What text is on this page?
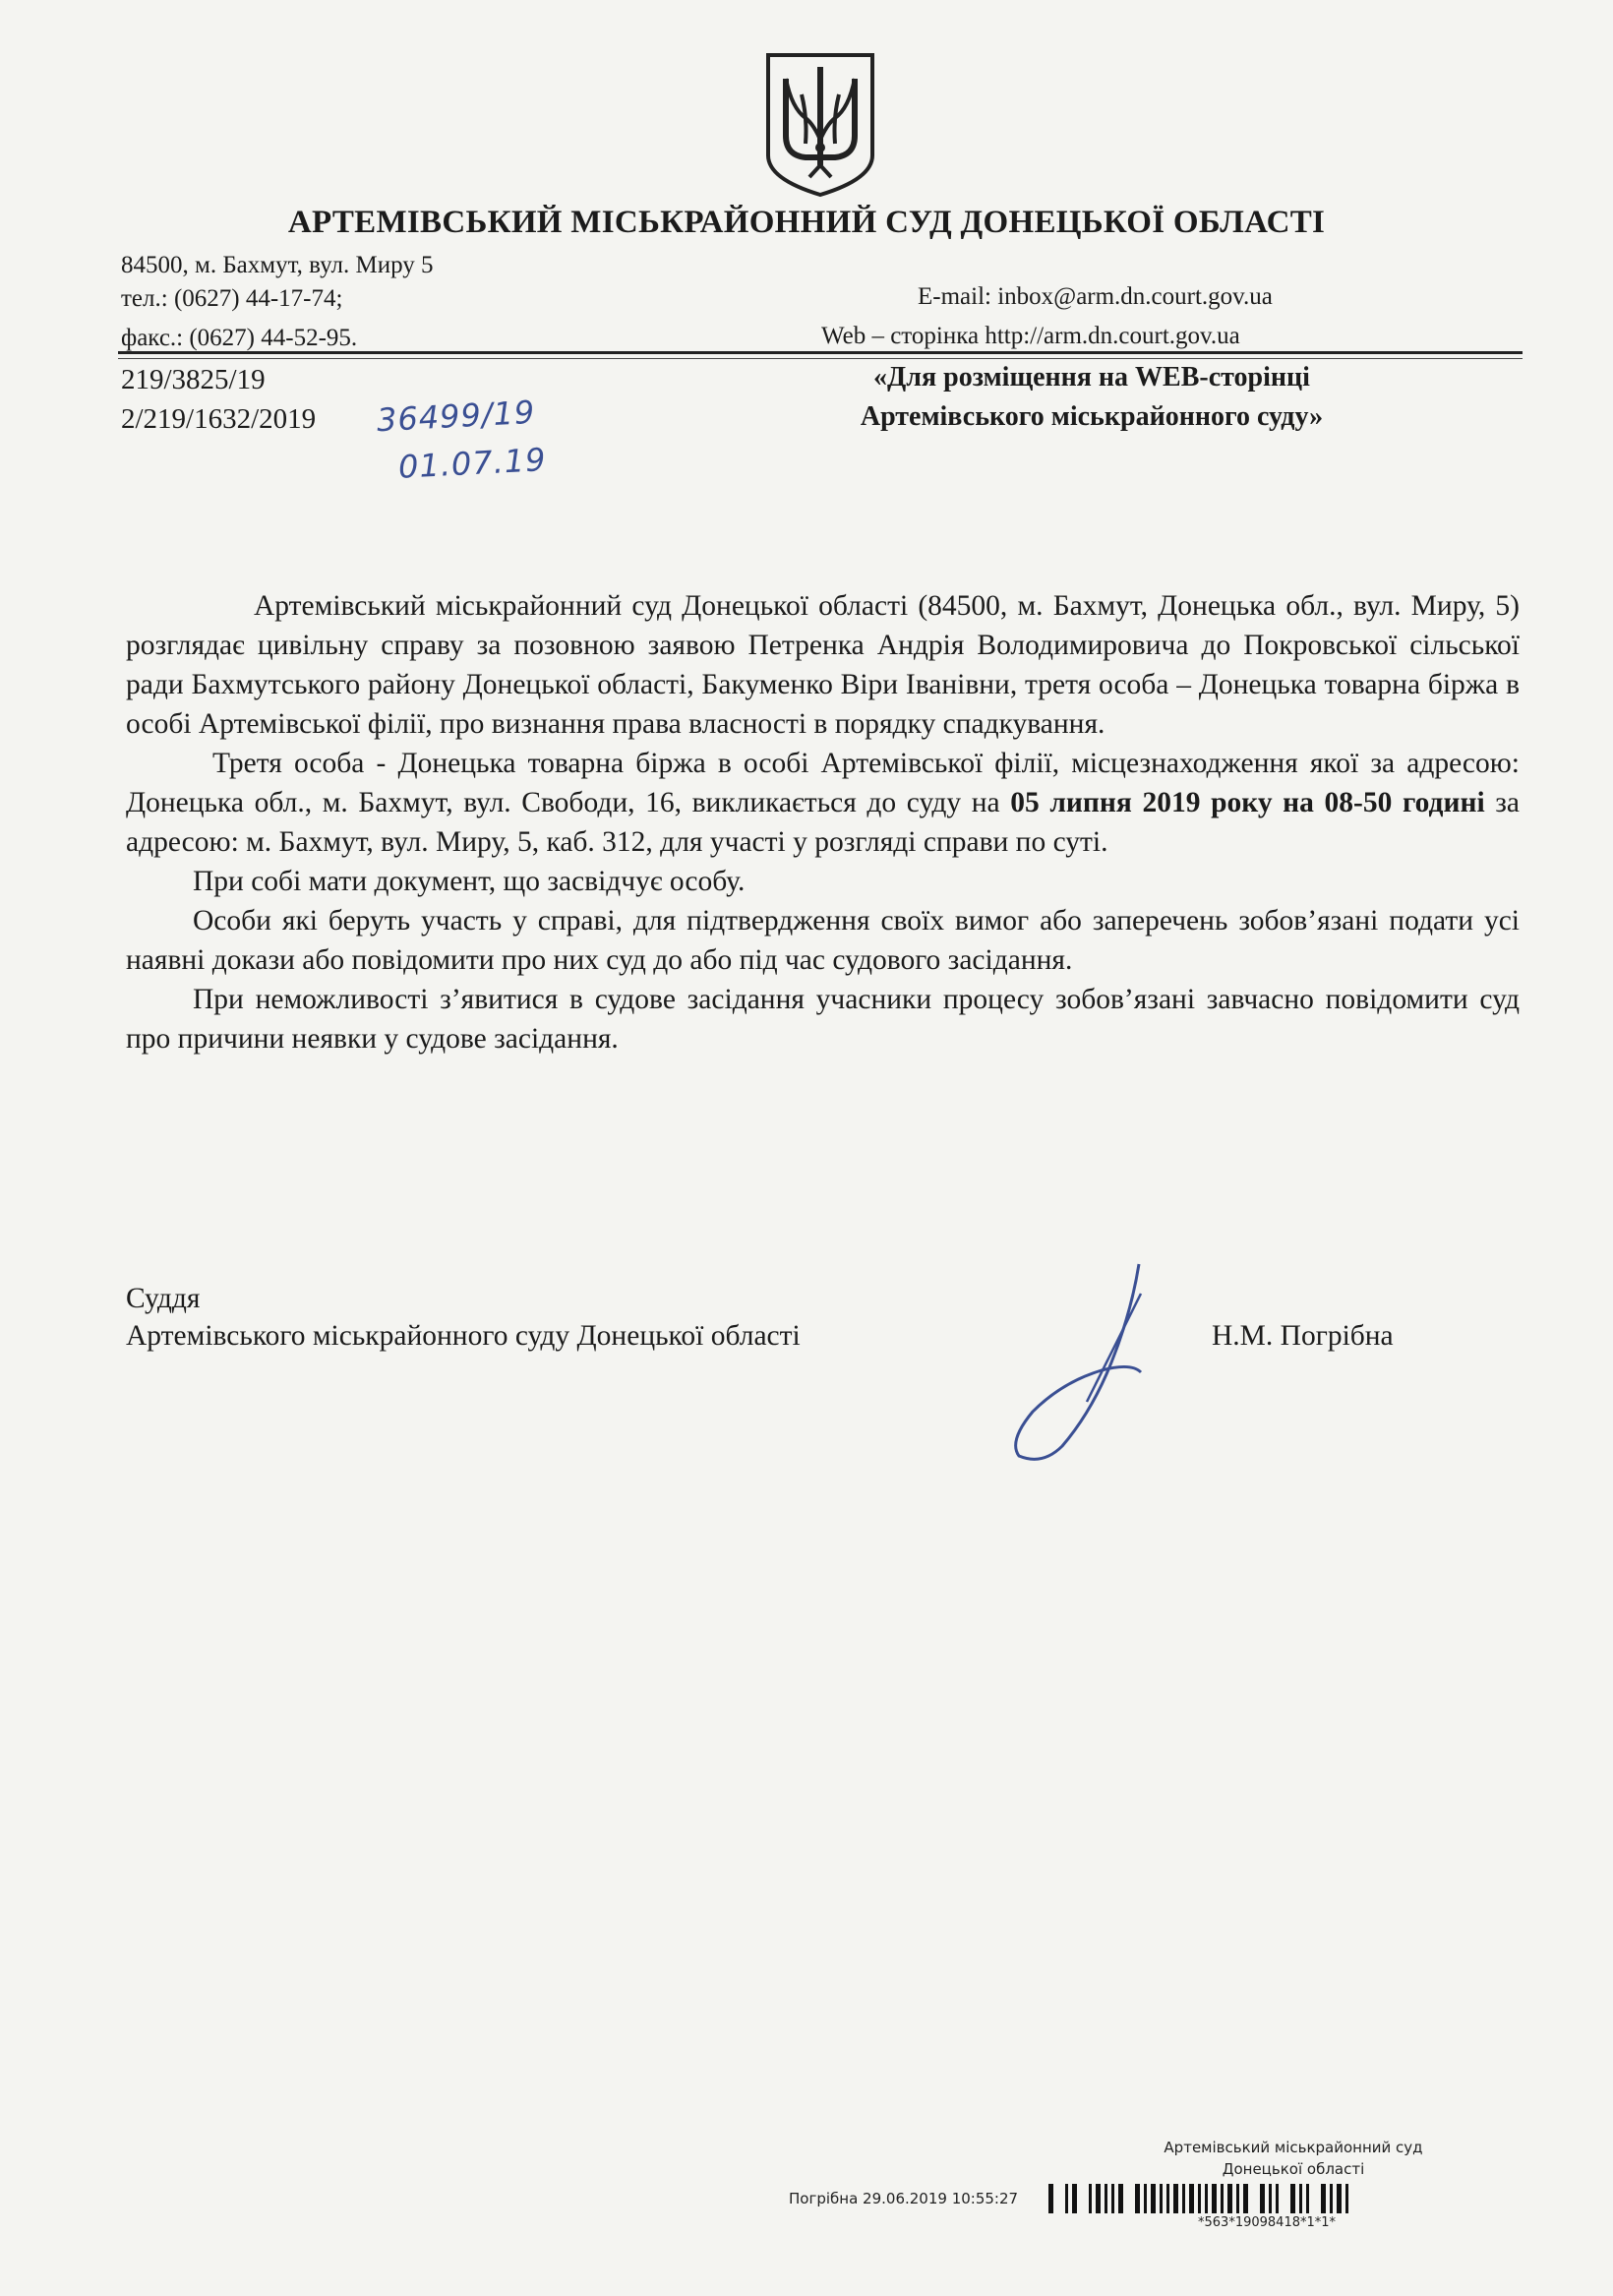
АРТЕМІВСЬКИЙ МІСЬКРАЙОННИЙ СУД ДОНЕЦЬКОЇ ОБЛАСТІ
84500, м. Бахмут, вул. Миру 5
тел.: (0627) 44-17-74;
факс.: (0627) 44-52-95.
E-mail: inbox@arm.dn.court.gov.ua
Web – сторінка http://arm.dn.court.gov.ua
219/3825/19
2/219/1632/2019 36499/19
01.07.19
«Для розміщення на WEB-сторінці
Артемівського міськрайонного суду»

Артемівський міськрайонний суд Донецької області (84500, м. Бахмут, Донецька обл., вул. Миру, 5) розглядає цивільну справу за позовною заявою Петренка Андрія Володимировича до Покровської сільської ради Бахмутського району Донецької області, Бакуменко Віри Іванівни, третя особа – Донецька товарна біржа в особі Артемівської філії, про визнання права власності в порядку спадкування.

Третя особа - Донецька товарна біржа в особі Артемівської філії, місцезнаходження якої за адресою: Донецька обл., м. Бахмут, вул. Свободи, 16, викликається до суду на 05 липня 2019 року на 08-50 годині за адресою: м. Бахмут, вул. Миру, 5, каб. 312, для участі у розгляді справи по суті.

При собі мати документ, що засвідчує особу.

Особи які беруть участь у справі, для підтвердження своїх вимог або заперечень зобов’язані подати усі наявні докази або повідомити про них суд до або під час судового засідання.

При неможливості з’явитися в судове засідання учасники процесу зобов’язані завчасно повідомити суд про причини неявки у судове засідання.

Суддя
Артемівського міськрайонного суду Донецької області	Н.М. Погрібна
Артемівський міськрайонний суд
Донецької області
Погрібна 29.06.2019 10:55:27
*563*19098418*1*1*
